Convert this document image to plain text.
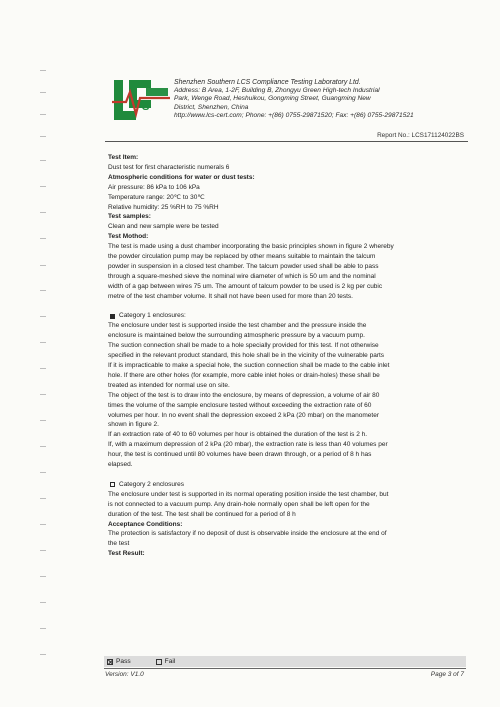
S
Shenzhen Southern LCS Compliance Testing Laboratory Ltd.
Address: B Area, 1-2F, Building B, Zhongyu Green High-tech Industrial
Park, Wenge Road, Heshuikou, Gongming Street, Guangming New
District, Shenzhen, China
http://www.lcs-cert.com; Phone: +(86) 0755-29871520; Fax: +(86) 0755-29871521
Report No.: LCS171124022BS

Test Item:

Dust test for first characteristic numerals 6

Atmospheric conditions for water or dust tests:

Air pressure: 86 kPa to 106 kPa

Temperature range: 20℃ to 30℃

Relative humidity: 25 %RH to 75 %RH

Test samples:

Clean and new sample were be tested

Test Mothod:

The test is made using a dust chamber incorporating the basic principles shown in figure 2 whereby

the powder circulation pump may be replaced by other means suitable to maintain the talcum

powder in suspension in a closed test chamber. The talcum powder used shall be able to pass

through a square-meshed sieve the nominal wire diameter of which is 50 um and the nominal

width of a gap between wires 75 um. The amount of talcum powder to be used is 2 kg per cubic

metre of the test chamber volume. It shall not have been used for more than 20 tests.

Category 1 enclosures:

The enclosure under test is supported inside the test chamber and the pressure inside the

enclosure is maintained below the surrounding atmospheric pressure by a vacuum pump.

The suction connection shall be made to a hole specially provided for this test. If not otherwise

specified in the relevant product standard, this hole shall be in the vicinity of the vulnerable parts

If it is impracticable to make a special hole, the suction connection shall be made to the cable inlet

hole. If there are other holes (for example, more cable inlet holes or drain-holes) these shall be

treated as intended for normal use on site.

The object of the test is to draw into the enclosure, by means of depression, a volume of air 80

times the volume of the sample enclosure tested without exceeding the extraction rate of 60

volumes per hour. In no event shall the depression exceed 2 kPa (20 mbar) on the manometer

shown in figure 2.

If an extraction rate of 40 to 60 volumes per hour is obtained the duration of the test is 2 h.

If, with a maximum depression of 2 kPa (20 mbar), the extraction rate is less than 40 volumes per

hour, the test is continued until 80 volumes have been drawn through, or a period of 8 h has

elapsed.

Category 2 enclosures

The enclosure under test is supported in its normal operating position inside the test chamber, but

is not connected to a vacuum pump. Any drain-hole normally open shall be left open for the

duration of the test. The test shall be continued for a period of 8 h

Acceptance Conditions:

The protection is satisfactory if no deposit of dust is observable inside the enclosure at the end of

the test

Test Result:

Pass	Fail
Version: V1.0	Page 3 of 7
